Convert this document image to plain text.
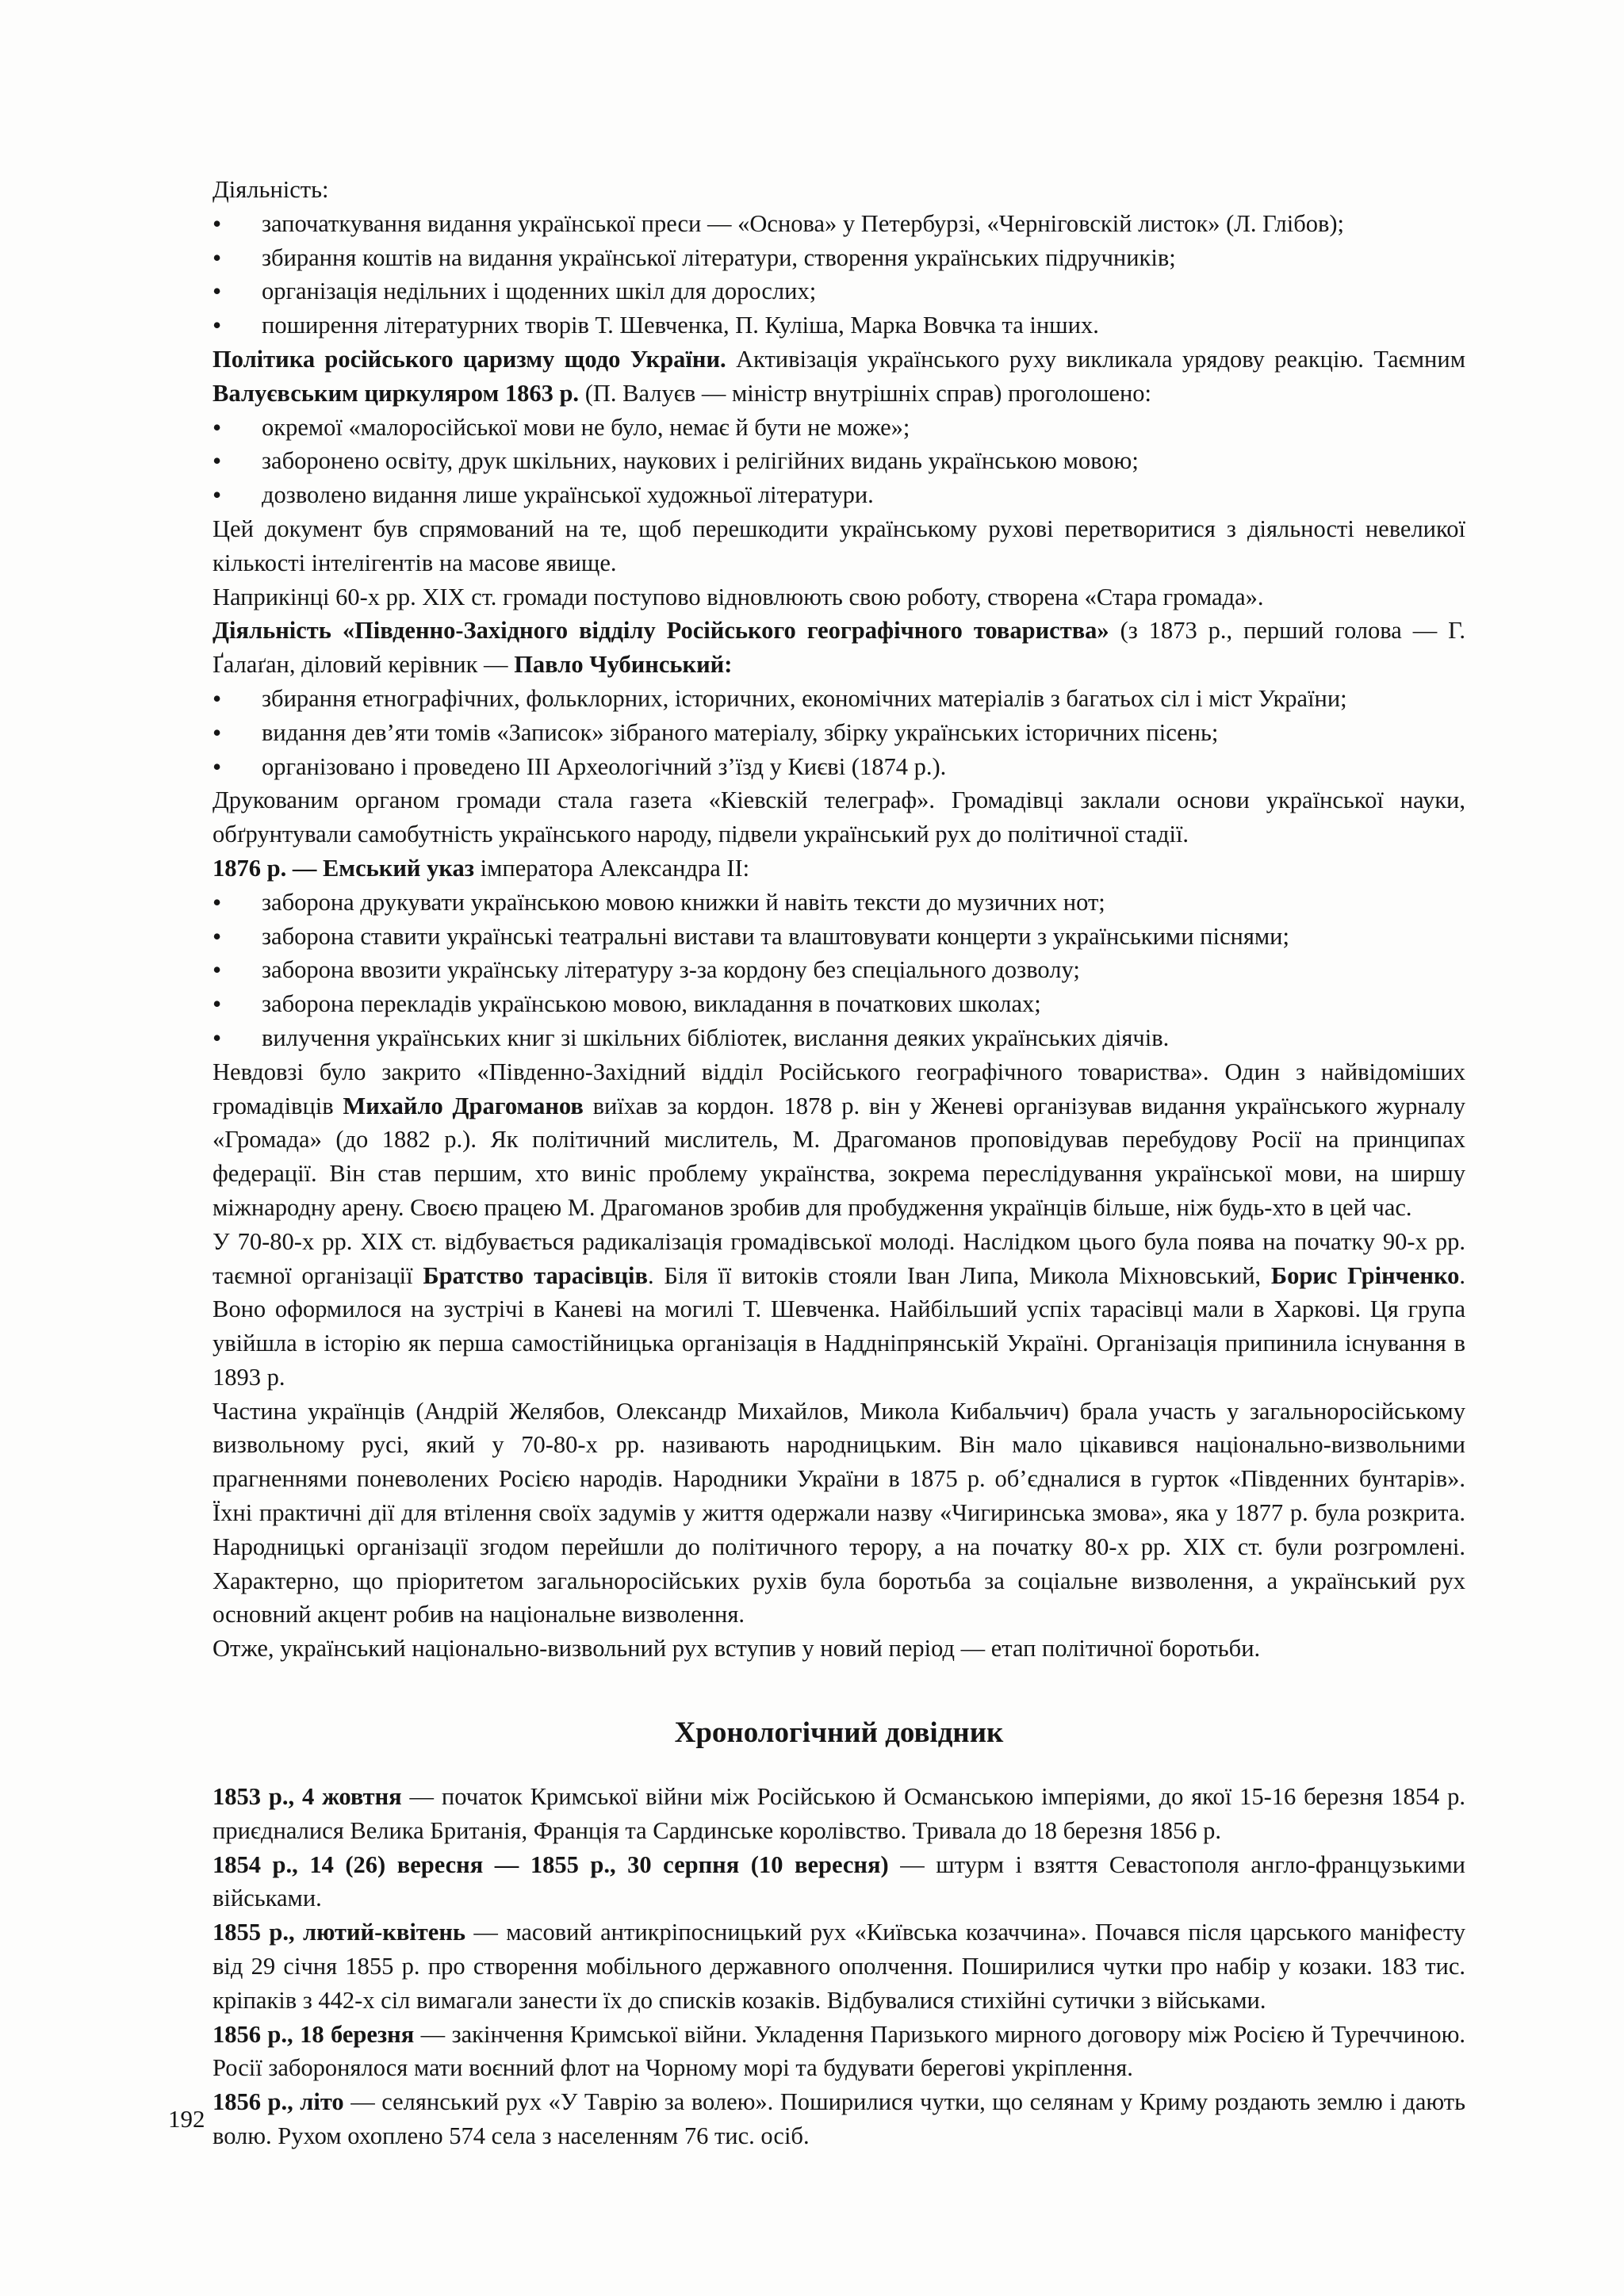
Діяльність:

• започаткування видання української преси — «Основа» у Петербурзі, «Черніговскій листок» (Л. Глібов);
• збирання коштів на видання української літератури, створення українських підручників;
• організація недільних і щоденних шкіл для дорослих;
• поширення літературних творів Т. Шевченка, П. Куліша, Марка Вовчка та інших.

Політика російського царизму щодо України. Активізація українського руху викликала урядову реакцію. Таємним Валуєвським циркуляром 1863 р. (П. Валуєв — міністр внутрішніх справ) проголошено:

• окремої «малоросійської мови не було, немає й бути не може»;
• заборонено освіту, друк шкільних, наукових і релігійних видань українською мовою;
• дозволено видання лише української художньої літератури.

Цей документ був спрямований на те, щоб перешкодити українському рухові перетворитися з діяльності невеликої кількості інтелігентів на масове явище.

Наприкінці 60-х рр. XIX ст. громади поступово відновлюють свою роботу, створена «Стара громада».

Діяльність «Південно-Західного відділу Російського географічного товариства» (з 1873 р., перший голова — Г. Ґалаґан, діловий керівник — Павло Чубинський:

• збирання етнографічних, фольклорних, історичних, економічних матеріалів з багатьох сіл і міст України;
• видання дев’яти томів «Записок» зібраного матеріалу, збірку українських історичних пісень;
• організовано і проведено III Археологічний з’їзд у Києві (1874 р.).

Друкованим органом громади стала газета «Кіевскій телеграф». Громадівці заклали основи української науки, обґрунтували самобутність українського народу, підвели український рух до політичної стадії.

1876 р. — Емський указ імператора Александра II:

• заборона друкувати українською мовою книжки й навіть тексти до музичних нот;
• заборона ставити українські театральні вистави та влаштовувати концерти з українськими піснями;
• заборона ввозити українську літературу з-за кордону без спеціального дозволу;
• заборона перекладів українською мовою, викладання в початкових школах;
• вилучення українських книг зі шкільних бібліотек, вислання деяких українських діячів.

Невдовзі було закрито «Південно-Західний відділ Російського географічного товариства». Один з найвідоміших громадівців Михайло Драгоманов виїхав за кордон. 1878 р. він у Женеві організував видання українського журналу «Громада» (до 1882 р.). Як політичний мислитель, М. Драгоманов проповідував перебудову Росії на принципах федерації. Він став першим, хто виніс проблему українства, зокрема переслідування української мови, на ширшу міжнародну арену. Своєю працею М. Драгоманов зробив для пробудження українців більше, ніж будь-хто в цей час.

У 70-80-х рр. XIX ст. відбувається радикалізація громадівської молоді. Наслідком цього була поява на початку 90-х рр. таємної організації Братство тарасівців. Біля її витоків стояли Іван Липа, Микола Міхновський, Борис Грінченко. Воно оформилося на зустрічі в Каневі на могилі Т. Шевченка. Найбільший успіх тарасівці мали в Харкові. Ця група увійшла в історію як перша самостійницька організація в Наддніпрянській Україні. Організація припинила існування в 1893 р.

Частина українців (Андрій Желябов, Олександр Михайлов, Микола Кибальчич) брала участь у загальноросійському визвольному русі, який у 70-80-х рр. називають народницьким. Він мало цікавився національно-визвольними прагненнями поневолених Росією народів. Народники України в 1875 р. об’єдналися в гурток «Південних бунтарів». Їхні практичні дії для втілення своїх задумів у життя одержали назву «Чигиринська змова», яка у 1877 р. була розкрита. Народницькі організації згодом перейшли до політичного терору, а на початку 80-х рр. XIX ст. були розгромлені. Характерно, що пріоритетом загальноросійських рухів була боротьба за соціальне визволення, а український рух основний акцент робив на національне визволення.

Отже, український національно-визвольний рух вступив у новий період — етап політичної боротьби.

Хронологічний довідник

1853 р., 4 жовтня — початок Кримської війни між Російською й Османською імперіями, до якої 15-16 березня 1854 р. приєдналися Велика Британія, Франція та Сардинське королівство. Тривала до 18 березня 1856 р.

1854 р., 14 (26) вересня — 1855 р., 30 серпня (10 вересня) — штурм і взяття Севастополя англо-французькими військами.

1855 р., лютий-квітень — масовий антикріпосницький рух «Київська козаччина». Почався після царського маніфесту від 29 січня 1855 р. про створення мобільного державного ополчення. Поширилися чутки про набір у козаки. 183 тис. кріпаків з 442-х сіл вимагали занести їх до списків козаків. Відбувалися стихійні сутички з військами.

1856 р., 18 березня — закінчення Кримської війни. Укладення Паризького мирного договору між Росією й Туреччиною. Росії заборонялося мати воєнний флот на Чорному морі та будувати берегові укріплення.

1856 р., літо — селянський рух «У Таврію за волею». Поширилися чутки, що селянам у Криму роздають землю і дають волю. Рухом охоплено 574 села з населенням 76 тис. осіб.

192
